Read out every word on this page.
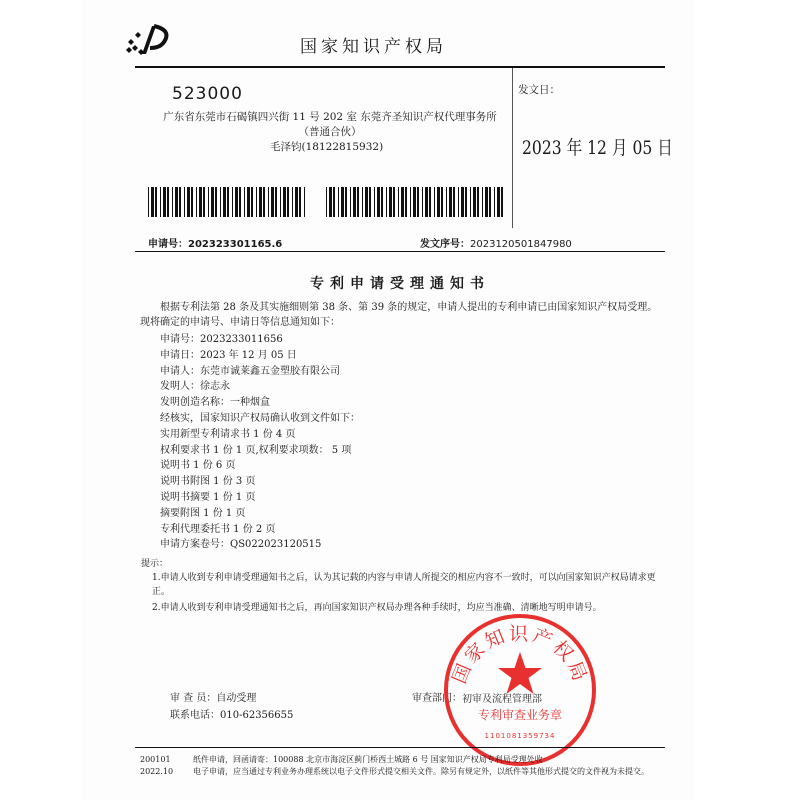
国家知识产权局
523000
广东省东莞市石碣镇四兴街 11 号 202 室 东莞齐圣知识产权代理事务所（普通合伙）
毛泽钧(18122815932)
发文日：
2023 年 12 月 05 日
申请号：202323301165.6	发文序号：2023120501847980
专利申请受理通知书

根据专利法第 28 条及其实施细则第 38 条、第 39 条的规定，申请人提出的专利申请已由国家知识产权局受理。现将确定的申请号、申请日等信息通知如下：

申请号：2023233011656
申请日：2023 年 12 月 05 日
申请人：东莞市诚莱鑫五金塑胶有限公司
发明人：徐志永
发明创造名称：一种烟盒
经核实，国家知识产权局确认收到文件如下：
实用新型专利请求书 1 份 4 页
权利要求书 1 份 1 页,权利要求项数： 5 项
说明书 1 份 6 页
说明书附图 1 份 3 页
说明书摘要 1 份 1 页
摘要附图 1 份 1 页
专利代理委托书 1 份 2 页
申请方案卷号：QS022023120515
提示：
1.申请人收到专利申请受理通知书之后，认为其记载的内容与申请人所提交的相应内容不一致时，可以向国家知识产权局请求更正。
2.申请人收到专利申请受理通知书之后，再向国家知识产权局办理各种手续时，均应当准确、清晰地写明申请号。
审 查 员：自动受理
联系电话：010-62356655
审查部门： 初审及流程管理部
国家知识产权局
专利审查业务章
1101081359734
200101
2022.10
纸件申请，回函请寄：100088 北京市海淀区蓟门桥西土城路 6 号 国家知识产权局专利局受理处收
电子申请，应当通过专利业务办理系统以电子文件形式提交相关文件。除另有规定外，以纸件等其他形式提交的文件视为未提交。
